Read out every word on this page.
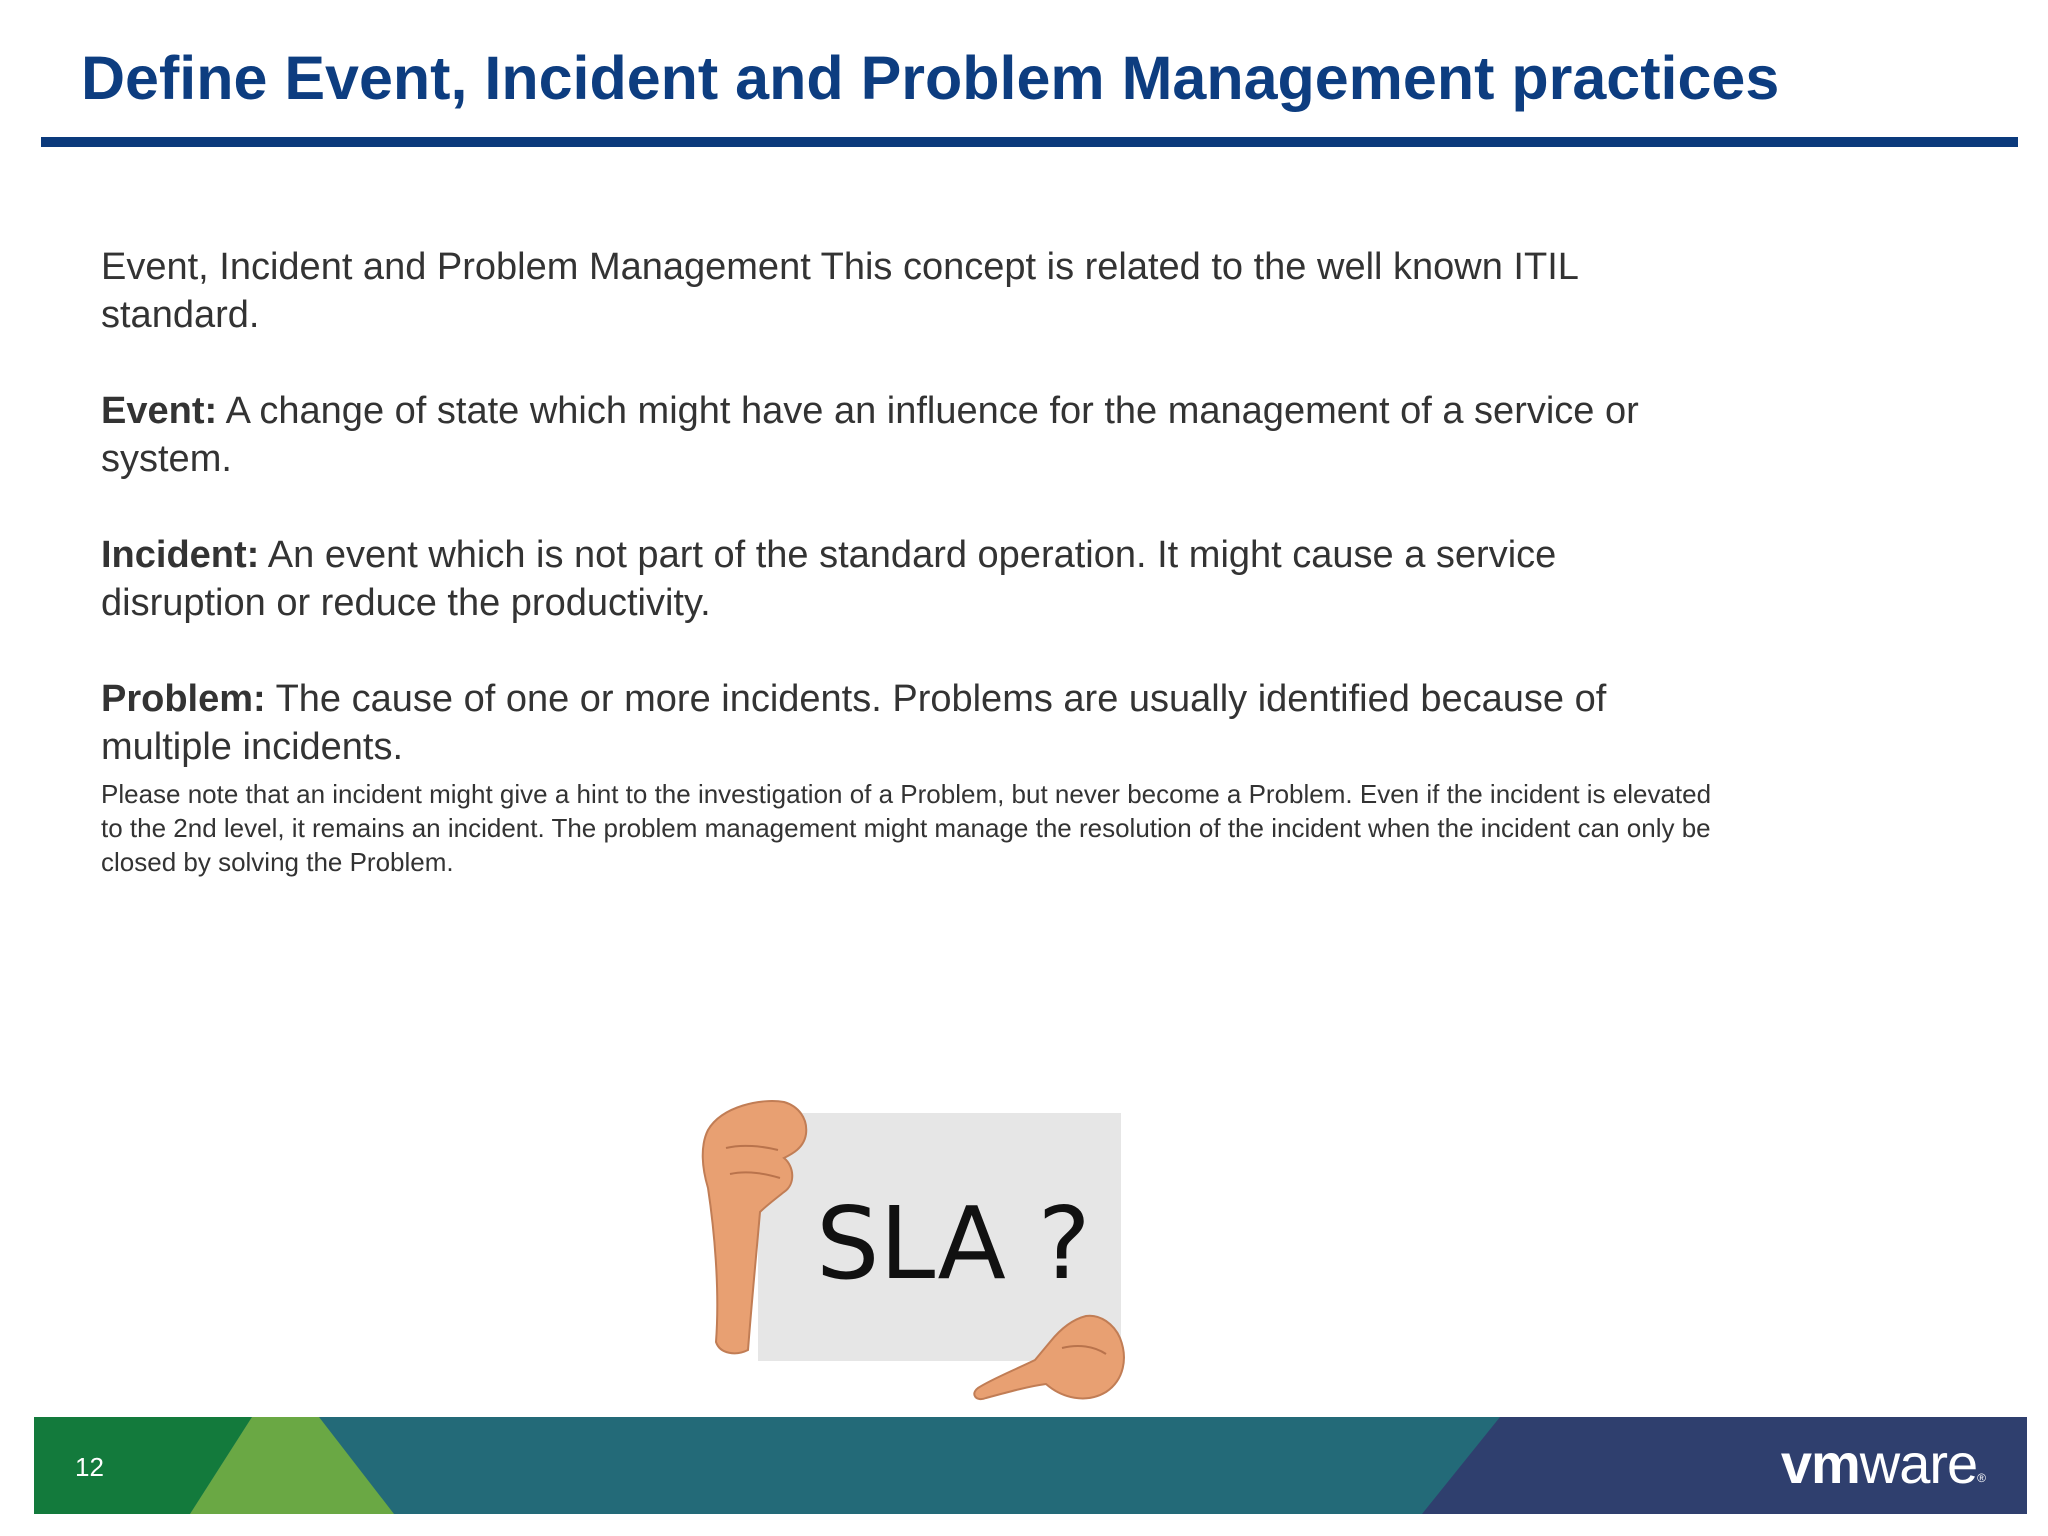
Define Event, Incident and Problem Management practices

Event, Incident and Problem Management This concept is related to the well known ITIL standard.

Event: A change of state which might have an influence for the management of a service or system.

Incident: An event which is not part of the standard operation. It might cause a service disruption or reduce the productivity.

Problem: The cause of one or more incidents. Problems are usually identified because of multiple incidents.

Please note that an incident might give a hint to the investigation of a Problem, but never become a Problem. Even if the incident is elevated to the 2nd level, it remains an incident. The problem management might manage the resolution of the incident when the incident can only be closed by solving the Problem.

SLA ?
12	vmware®
